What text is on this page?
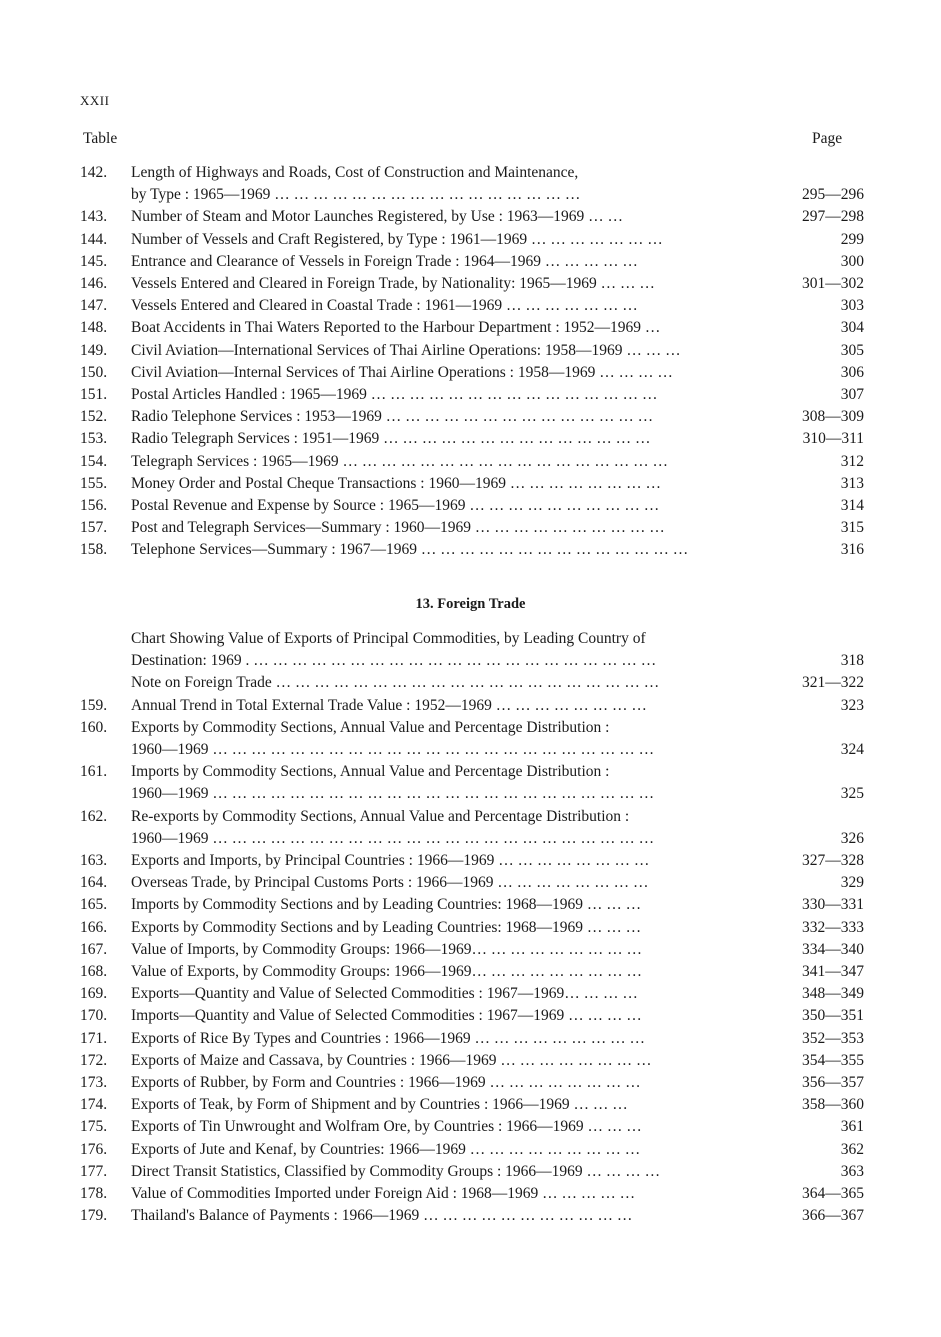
XXII
Table	Page
142.	Length of Highways and Roads, Cost of Construction and Maintenance,
by Type : 1965—1969 … … … … … … … … … … … … … … … …	295—296
143.	Number of Steam and Motor Launches Registered, by Use : 1963—1969 … …	297—298
144.	Number of Vessels and Craft Registered, by Type : 1961—1969 … … … … … … …	299
145.	Entrance and Clearance of Vessels in Foreign Trade : 1964—1969 … … … … …	300
146.	Vessels Entered and Cleared in Foreign Trade, by Nationality: 1965—1969 … … …	301—302
147.	Vessels Entered and Cleared in Coastal Trade : 1961—1969 … … … … … … …	303
148.	Boat Accidents in Thai Waters Reported to the Harbour Department : 1952—1969 …	304
149.	Civil Aviation—International Services of Thai Airline Operations: 1958—1969 … … …	305
150.	Civil Aviation—Internal Services of Thai Airline Operations : 1958—1969 … … … …	306
151.	Postal Articles Handled : 1965—1969 … … … … … … … … … … … … … … …	307
152.	Radio Telephone Services : 1953—1969 … … … … … … … … … … … … … …	308—309
153.	Radio Telegraph Services : 1951—1969 … … … … … … … … … … … … … …	310—311
154.	Telegraph Services : 1965—1969 … … … … … … … … … … … … … … … … …	312
155.	Money Order and Postal Cheque Transactions : 1960—1969 … … … … … … … …	313
156.	Postal Revenue and Expense by Source : 1965—1969 … … … … … … … … … …	314
157.	Post and Telegraph Services—Summary : 1960—1969 … … … … … … … … … …	315
158.	Telephone Services—Summary : 1967—1969 … … … … … … … … … … … … … …	316
13. Foreign Trade
Chart Showing Value of Exports of Principal Commodities, by Leading Country of
Destination: 1969 . … … … … … … … … … … … … … … … … … … … … …	318
Note on Foreign Trade … … … … … … … … … … … … … … … … … … … …	321—322
159.	Annual Trend in Total External Trade Value : 1952—1969 … … … … … … … …	323
160.	Exports by Commodity Sections, Annual Value and Percentage Distribution :
1960—1969 … … … … … … … … … … … … … … … … … … … … … … …	324
161.	Imports by Commodity Sections, Annual Value and Percentage Distribution :
1960—1969 … … … … … … … … … … … … … … … … … … … … … … …	325
162.	Re-exports by Commodity Sections, Annual Value and Percentage Distribution :
1960—1969 … … … … … … … … … … … … … … … … … … … … … … …	326
163.	Exports and Imports, by Principal Countries : 1966—1969 … … … … … … … …	327—328
164.	Overseas Trade, by Principal Customs Ports : 1966—1969 … … … … … … … …	329
165.	Imports by Commodity Sections and by Leading Countries: 1968—1969 … … …	330—331
166.	Exports by Commodity Sections and by Leading Countries: 1968—1969 … … …	332—333
167.	Value of Imports, by Commodity Groups: 1966—1969… … … … … … … … …	334—340
168.	Value of Exports, by Commodity Groups: 1966—1969… … … … … … … … …	341—347
169.	Exports—Quantity and Value of Selected Commodities : 1967—1969… … … …	348—349
170.	Imports—Quantity and Value of Selected Commodities : 1967—1969 … … … …	350—351
171.	Exports of Rice By Types and Countries : 1966—1969 … … … … … … … … …	352—353
172.	Exports of Maize and Cassava, by Countries : 1966—1969 … … … … … … … …	354—355
173.	Exports of Rubber, by Form and Countries : 1966—1969 … … … … … … … …	356—357
174.	Exports of Teak, by Form of Shipment and by Countries : 1966—1969 … … …	358—360
175.	Exports of Tin Unwrought and Wolfram Ore, by Countries : 1966—1969 … … …	361
176.	Exports of Jute and Kenaf, by Countries: 1966—1969 … … … … … … … … …	362
177.	Direct Transit Statistics, Classified by Commodity Groups : 1966—1969 … … … …	363
178.	Value of Commodities Imported under Foreign Aid : 1968—1969 … … … … …	364—365
179.	Thailand's Balance of Payments : 1966—1969 … … … … … … … … … … …	366—367
